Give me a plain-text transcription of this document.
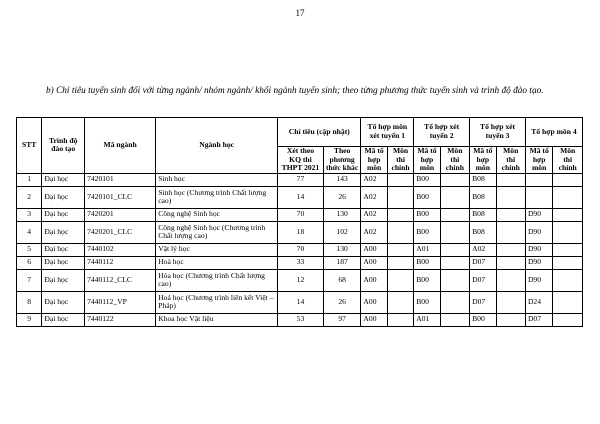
17
b) Chỉ tiêu tuyển sinh đối với từng ngành/ nhóm ngành/ khối ngành tuyển sinh; theo từng phương thức tuyển sinh và trình độ đào tạo.
STT	Trình độ đào tạo	Mã ngành	Ngành học	Chỉ tiêu (cập nhật)		Tổ hợp môn xét tuyển 1		Tổ hợp xét tuyển 2		Tổ hợp xét tuyển 3		Tổ hợp môn 4	
				Xét theo KQ thi THPT 2021	Theo phương thức khác	Mã tổ hợp môn	Môn thi chính	Mã tổ hợp môn	Môn thi chính	Mã tổ hợp môn	Môn thi chính	Mã tổ hợp môn	Môn thi chính
1	Đại học	7420101	Sinh học	77	143	A02		B00		B08			
2	Đại học	7420101_CLC	Sinh học (Chương trình Chất lượng cao)	14	26	A02		B00		B08			
3	Đại học	7420201	Công nghệ Sinh học	70	130	A02		B00		B08		D90	
4	Đại học	7420201_CLC	Công nghệ Sinh học (Chương trình Chất lượng cao)	18	102	A02		B00		B08		D90	
5	Đại học	7440102	Vật lý học	70	130	A00		A01		A02		D90	
6	Đại học	7440112	Hoá học	33	187	A00		B00		D07		D90	
7	Đại học	7440112_CLC	Hóa học (Chương trình Chất lượng cao)	12	68	A00		B00		D07		D90	
8	Đại học	7440112_VP	Hoá học (Chương trình liên kết Việt – Pháp)	14	26	A00		B00		D07		D24	
9	Đại học	7440122	Khoa học Vật liệu	53	97	A00		A01		B00		D07	
